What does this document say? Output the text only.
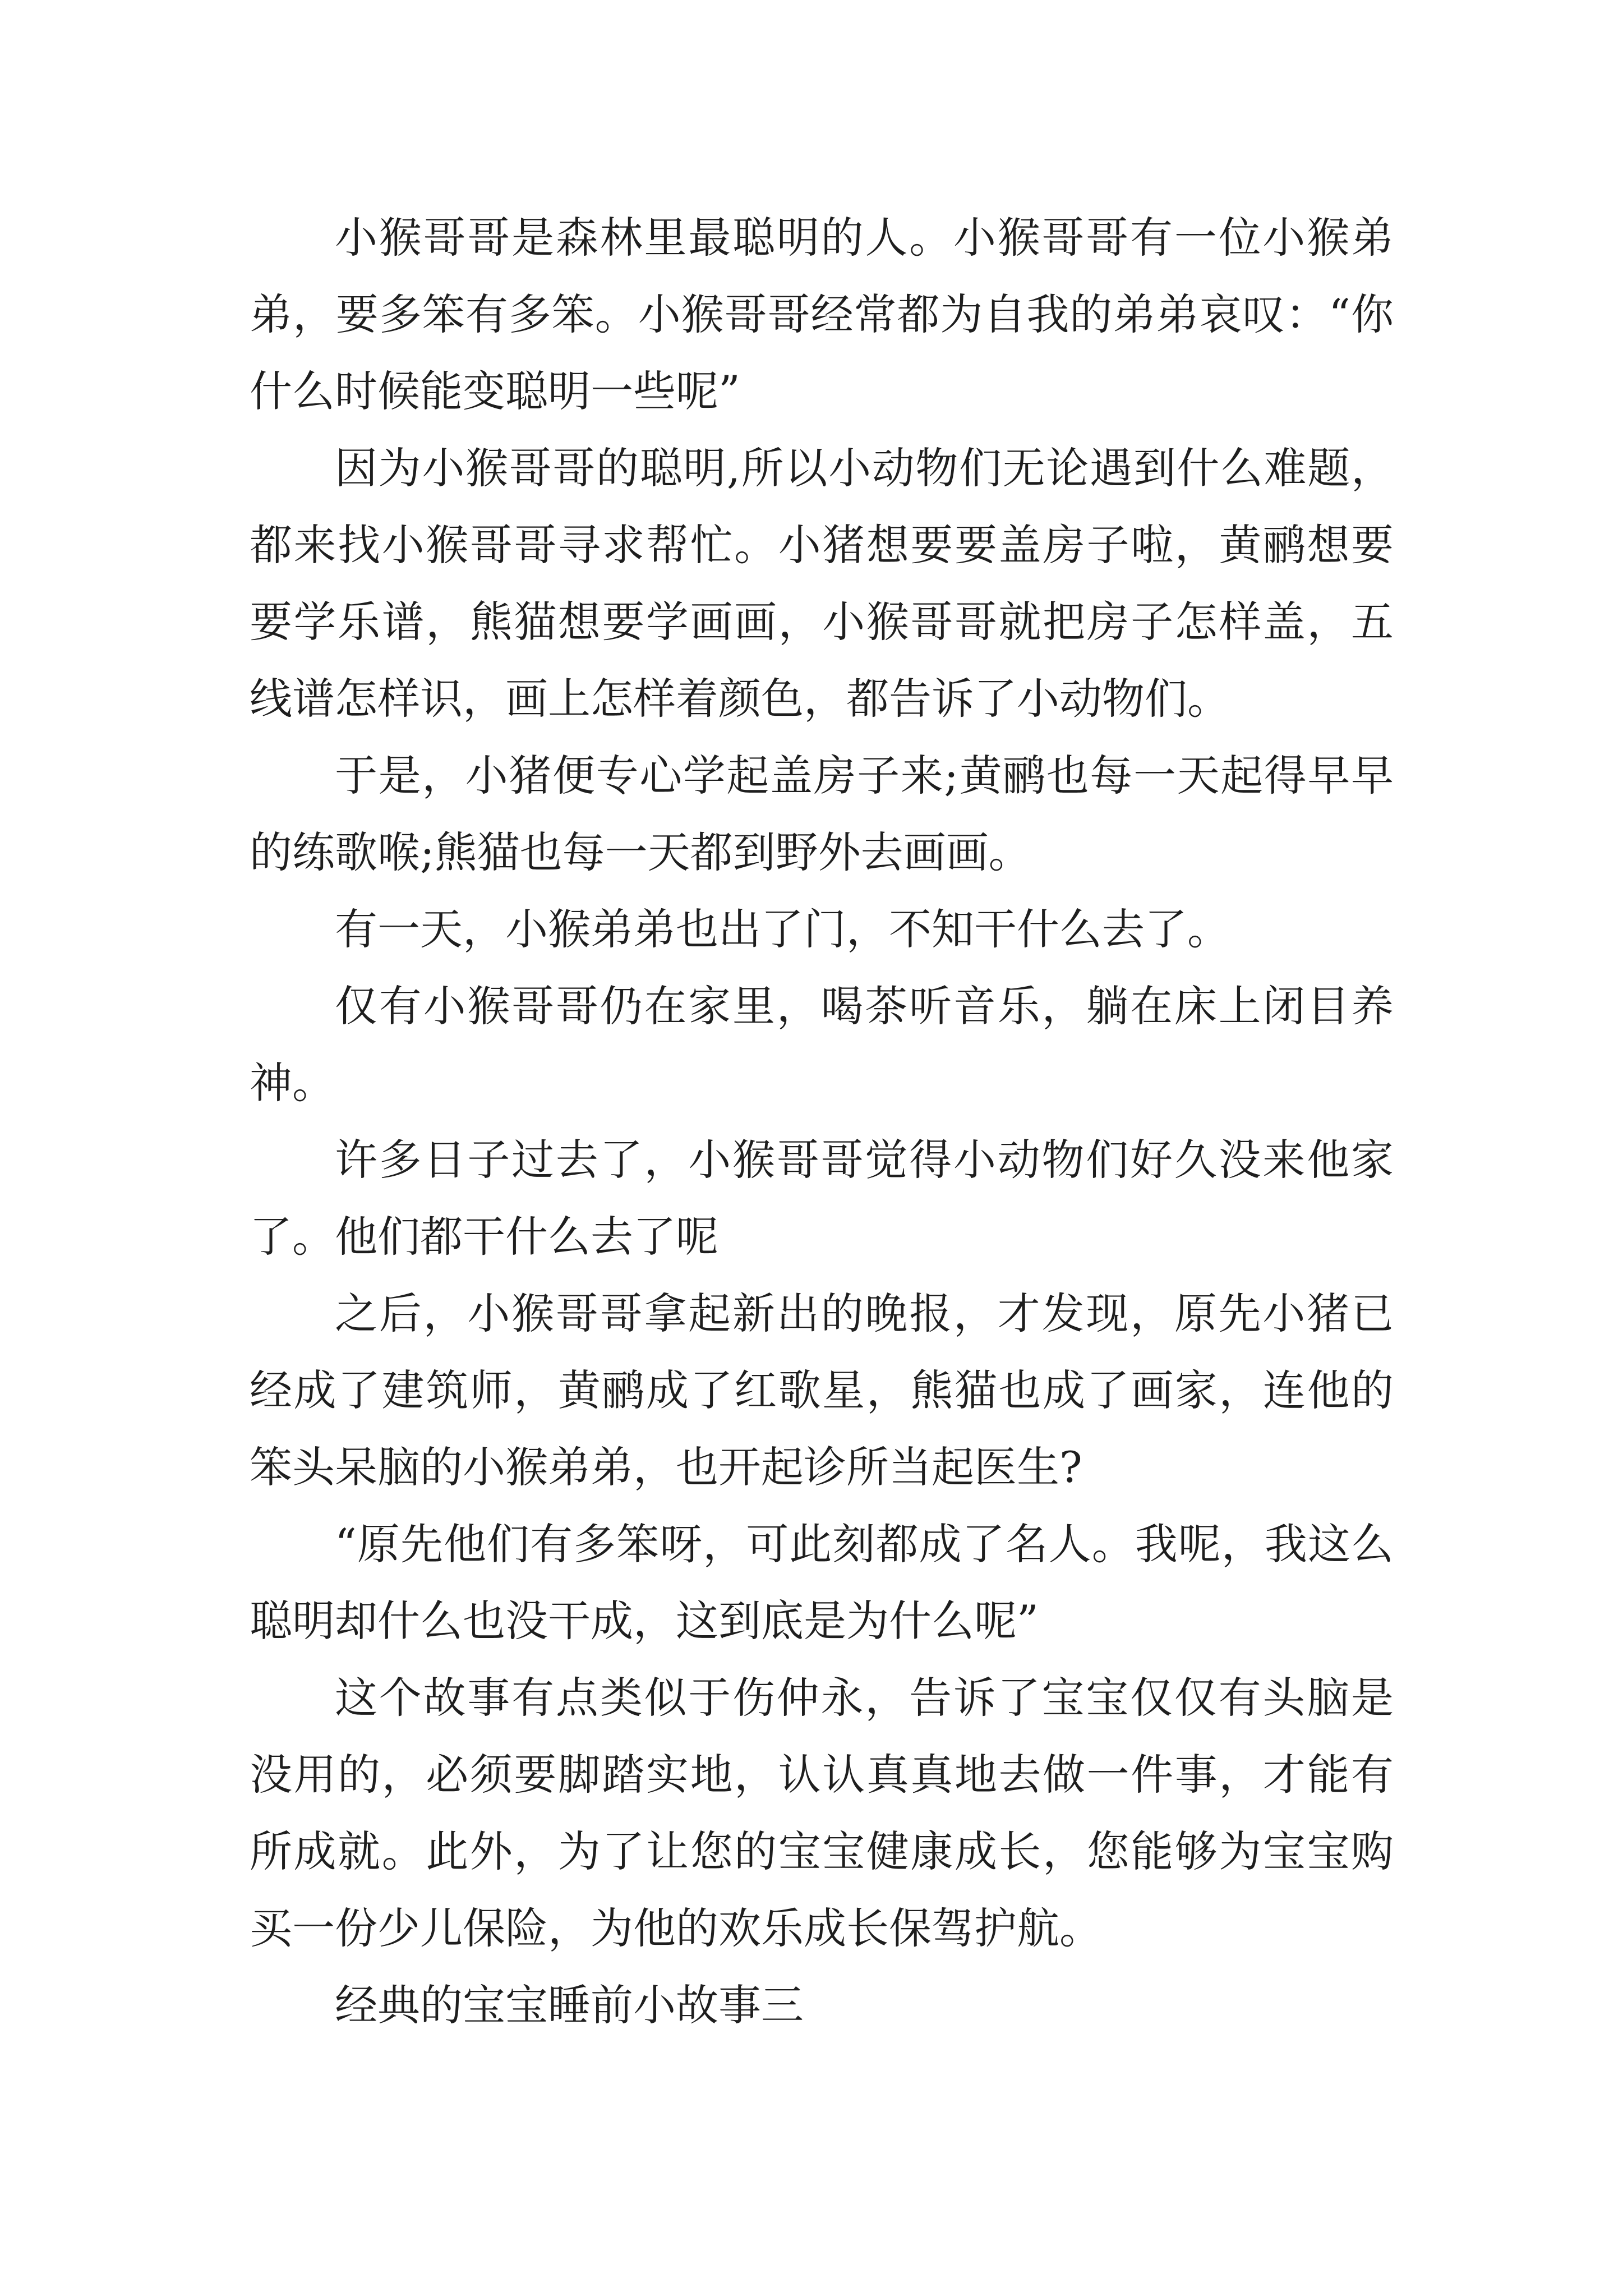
小猴哥哥是森林里最聪明的人。小猴哥哥有一位小猴弟弟，要多笨有多笨。小猴哥哥经常都为自我的弟弟哀叹：“你什么时候能变聪明一些呢”

因为小猴哥哥的聪明,所以小动物们无论遇到什么难题，都来找小猴哥哥寻求帮忙。小猪想要要盖房子啦，黄鹂想要要学乐谱，熊猫想要学画画，小猴哥哥就把房子怎样盖，五线谱怎样识，画上怎样着颜色，都告诉了小动物们。

于是，小猪便专心学起盖房子来;黄鹂也每一天起得早早的练歌喉;熊猫也每一天都到野外去画画。

有一天，小猴弟弟也出了门，不知干什么去了。

仅有小猴哥哥仍在家里，喝茶听音乐，躺在床上闭目养神。

许多日子过去了，小猴哥哥觉得小动物们好久没来他家了。他们都干什么去了呢

之后，小猴哥哥拿起新出的晚报，才发现，原先小猪已经成了建筑师，黄鹂成了红歌星，熊猫也成了画家，连他的笨头呆脑的小猴弟弟，也开起诊所当起医生?

“原先他们有多笨呀，可此刻都成了名人。我呢，我这么聪明却什么也没干成，这到底是为什么呢”

这个故事有点类似于伤仲永，告诉了宝宝仅仅有头脑是没用的，必须要脚踏实地，认认真真地去做一件事，才能有所成就。此外，为了让您的宝宝健康成长，您能够为宝宝购买一份少儿保险，为他的欢乐成长保驾护航。

经典的宝宝睡前小故事三
